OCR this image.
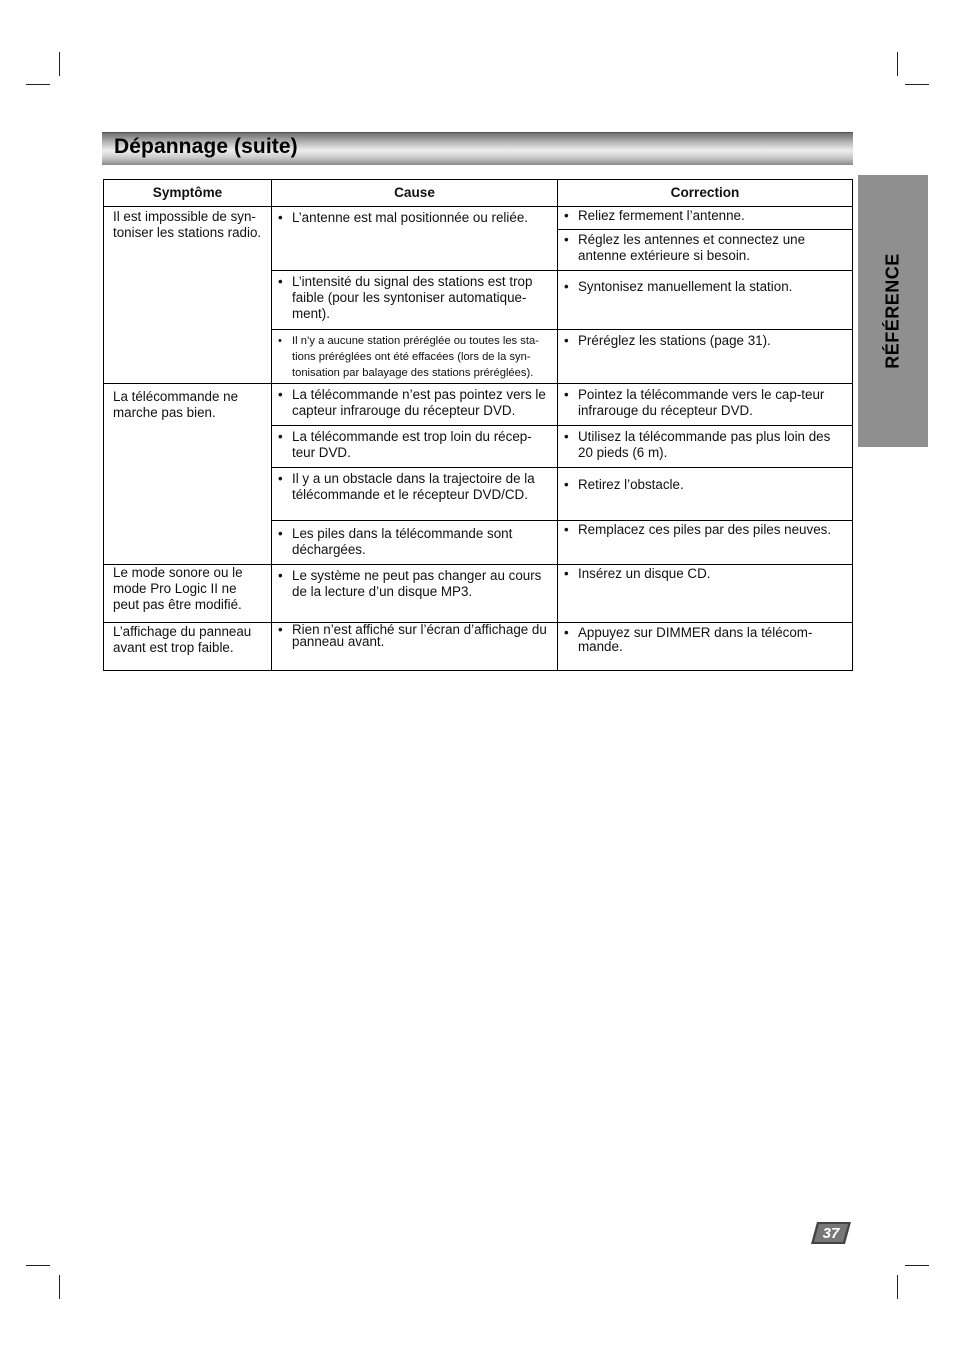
Dépannage (suite)
RÉFÉRENCE
Symptôme	Cause	Correction
Il est impossible de syn-toniser les stations radio.	• L’antenne est mal positionnée ou reliée.	• Reliez fermement l’antenne.

		• Réglez les antennes et connectez une antenne extérieure si besoin.

	• L’intensité du signal des stations est trop faible (pour les syntoniser automatique-ment).	• Syntonisez manuellement la station.

	• Il n’y a aucune station préréglée ou toutes les sta-tions préréglées ont été effacées (lors de la syn-tonisation par balayage des stations préréglées).	• Préréglez les stations (page 31).

La télécommande ne marche pas bien.	• La télécommande n’est pas pointez vers le capteur infrarouge du récepteur DVD.	• Pointez la télécommande vers le cap-teur infrarouge du récepteur DVD.

	• La télécommande est trop loin du récep-teur DVD.	• Utilisez la télécommande pas plus loin des 20 pieds (6 m).

	• Il y a un obstacle dans la trajectoire de la télécommande et le récepteur DVD/CD.	• Retirez l’obstacle.

	• Les piles dans la télécommande sont déchargées.	• Remplacez ces piles par des piles neuves.

Le mode sonore ou le mode Pro Logic II ne peut pas être modifié.	• Le système ne peut pas changer au cours de la lecture d’un disque MP3.	• Insérez un disque CD.

L’affichage du panneau avant est trop faible.	• Rien n’est affiché sur l’écran d’affichage du panneau avant.	• Appuyez sur DIMMER dans la télécom-mande.
37
